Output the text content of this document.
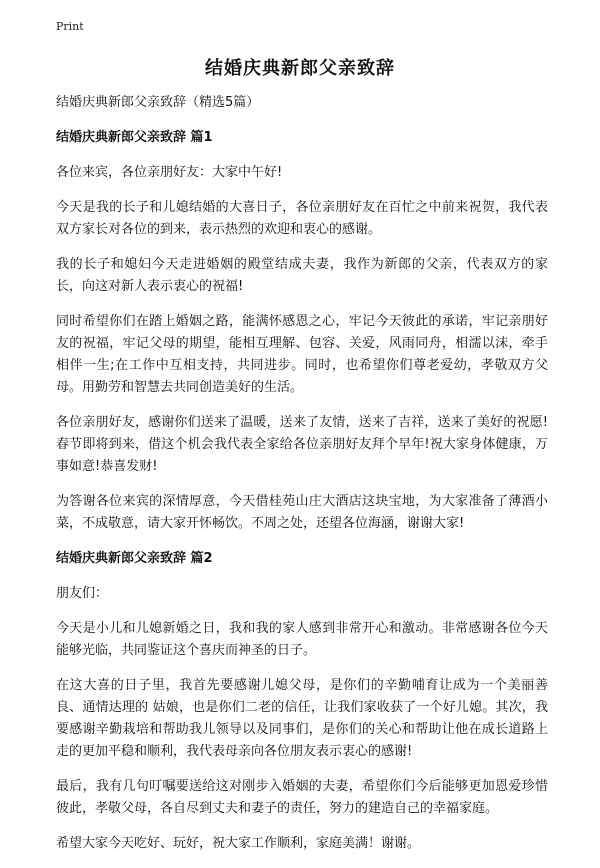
Print
结婚庆典新郎父亲致辞

结婚庆典新郎父亲致辞（精选5篇）

结婚庆典新郎父亲致辞 篇1

各位来宾，各位亲朋好友：大家中午好!

今天是我的长子和儿媳结婚的大喜日子，各位亲朋好友在百忙之中前来祝贺，我代表双方家长对各位的到来，表示热烈的欢迎和衷心的感谢。

我的长子和媳妇今天走进婚姻的殿堂结成夫妻，我作为新郎的父亲，代表双方的家长，向这对新人表示衷心的祝福!

同时希望你们在踏上婚姻之路，能满怀感恩之心，牢记今天彼此的承诺，牢记亲朋好友的祝福，牢记父母的期望，能相互理解、包容、关爱，风雨同舟，相濡以沫，牵手相伴一生;在工作中互相支持，共同进步。同时，也希望你们尊老爱幼，孝敬双方父母。用勤劳和智慧去共同创造美好的生活。

各位亲朋好友，感谢你们送来了温暖，送来了友情，送来了吉祥，送来了美好的祝愿!春节即将到来，借这个机会我代表全家给各位亲朋好友拜个早年!祝大家身体健康，万事如意!恭喜发财!

为答谢各位来宾的深情厚意，今天借桂苑山庄大酒店这块宝地，为大家准备了薄酒小菜，不成敬意，请大家开怀畅饮。不周之处，还望各位海涵，谢谢大家!

结婚庆典新郎父亲致辞 篇2

朋友们：

今天是小儿和儿媳新婚之日，我和我的家人感到非常开心和激动。非常感谢各位今天能够光临，共同鉴证这个喜庆而神圣的日子。

在这大喜的日子里，我首先要感谢儿媳父母，是你们的辛勤哺育让成为一个美丽善良、通情达理的 姑娘，也是你们二老的信任，让我们家收获了一个好儿媳。其次，我要感谢辛勤栽培和帮助我儿领导以及同事们，是你们的关心和帮助让他在成长道路上走的更加平稳和顺利，我代表母亲向各位朋友表示衷心的感谢!

最后，我有几句叮嘱要送给这对刚步入婚姻的夫妻，希望你们今后能够更加恩爱珍惜彼此，孝敬父母，各自尽到丈夫和妻子的责任，努力的建造自己的幸福家庭。

希望大家今天吃好、玩好，祝大家工作顺利，家庭美满！谢谢。
